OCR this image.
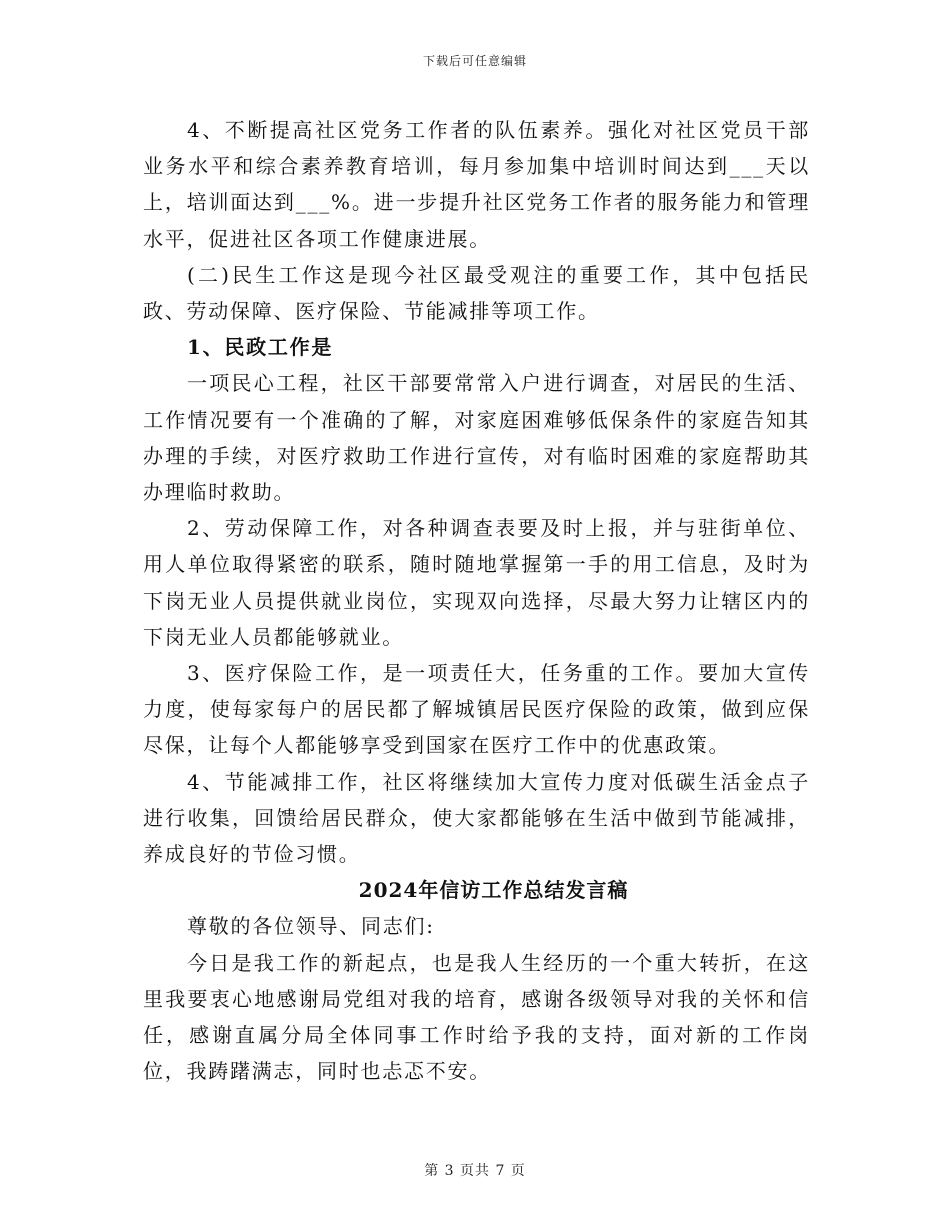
下载后可任意编辑

4、不断提高社区党务工作者的队伍素养。强化对社区党员干部业务水平和综合素养教育培训，每月参加集中培训时间达到___天以上，培训面达到___%。进一步提升社区党务工作者的服务能力和管理水平，促进社区各项工作健康进展。

(二)民生工作这是现今社区最受观注的重要工作，其中包括民政、劳动保障、医疗保险、节能减排等项工作。

1、民政工作是

一项民心工程，社区干部要常常入户进行调查，对居民的生活、工作情况要有一个准确的了解，对家庭困难够低保条件的家庭告知其办理的手续，对医疗救助工作进行宣传，对有临时困难的家庭帮助其办理临时救助。

2、劳动保障工作，对各种调查表要及时上报，并与驻街单位、用人单位取得紧密的联系，随时随地掌握第一手的用工信息，及时为下岗无业人员提供就业岗位，实现双向选择，尽最大努力让辖区内的下岗无业人员都能够就业。

3、医疗保险工作，是一项责任大，任务重的工作。要加大宣传力度，使每家每户的居民都了解城镇居民医疗保险的政策，做到应保尽保，让每个人都能够享受到国家在医疗工作中的优惠政策。

4、节能减排工作，社区将继续加大宣传力度对低碳生活金点子进行收集，回馈给居民群众，使大家都能够在生活中做到节能减排，养成良好的节俭习惯。

2024年信访工作总结发言稿

尊敬的各位领导、同志们:

今日是我工作的新起点，也是我人生经历的一个重大转折，在这里我要衷心地感谢局党组对我的培育，感谢各级领导对我的关怀和信任，感谢直属分局全体同事工作时给予我的支持，面对新的工作岗位，我踌躇满志，同时也忐忑不安。

第 3 页共 7 页
